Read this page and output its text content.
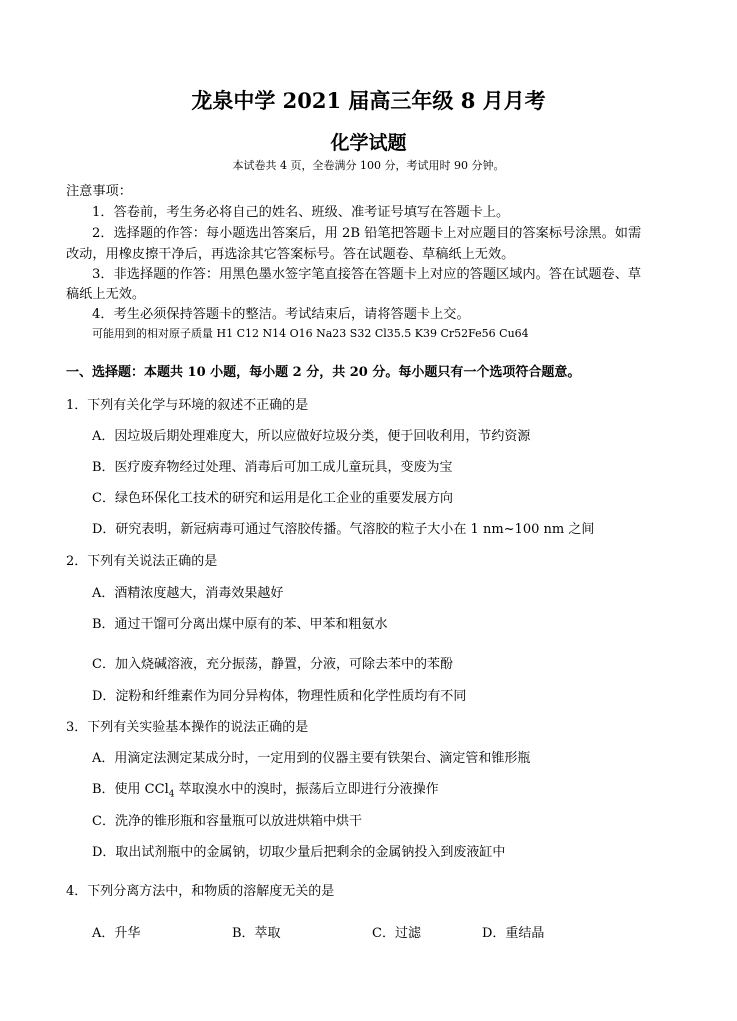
龙泉中学 2021 届高三年级 8 月月考
化学试题
本试卷共 4 页，全卷满分 100 分，考试用时 90 分钟。
注意事项：
1．答卷前，考生务必将自己的姓名、班级、准考证号填写在答题卡上。
2．选择题的作答：每小题选出答案后，用 2B 铅笔把答题卡上对应题目的答案标号涂黑。如需
改动，用橡皮擦干净后，再选涂其它答案标号。答在试题卷、草稿纸上无效。
3．非选择题的作答：用黑色墨水签字笔直接答在答题卡上对应的答题区域内。答在试题卷、草
稿纸上无效。
4．考生必须保持答题卡的整洁。考试结束后，请将答题卡上交。
可能用到的相对原子质量 H1 C12 N14 O16 Na23 S32 Cl35.5 K39 Cr52Fe56 Cu64
一、选择题：本题共 10 小题，每小题 2 分，共 20 分。每小题只有一个选项符合题意。
1．下列有关化学与环境的叙述不正确的是
A．因垃圾后期处理难度大，所以应做好垃圾分类，便于回收利用，节约资源
B．医疗废弃物经过处理、消毒后可加工成儿童玩具，变废为宝
C．绿色环保化工技术的研究和运用是化工企业的重要发展方向
D．研究表明，新冠病毒可通过气溶胶传播。气溶胶的粒子大小在 1 nm~100 nm 之间
2．下列有关说法正确的是
A．酒精浓度越大，消毒效果越好
B．通过干馏可分离出煤中原有的苯、甲苯和粗氨水
C．加入烧碱溶液，充分振荡，静置，分液，可除去苯中的苯酚
D．淀粉和纤维素作为同分异构体，物理性质和化学性质均有不同
3．下列有关实验基本操作的说法正确的是
A．用滴定法测定某成分时，一定用到的仪器主要有铁架台、滴定管和锥形瓶
B．使用 CCl$_4$ 萃取溴水中的溴时，振荡后立即进行分液操作
C．洗净的锥形瓶和容量瓶可以放进烘箱中烘干
D．取出试剂瓶中的金属钠，切取少量后把剩余的金属钠投入到废液缸中
4．下列分离方法中，和物质的溶解度无关的是
A．升华	B．萃取	C．过滤	D．重结晶
